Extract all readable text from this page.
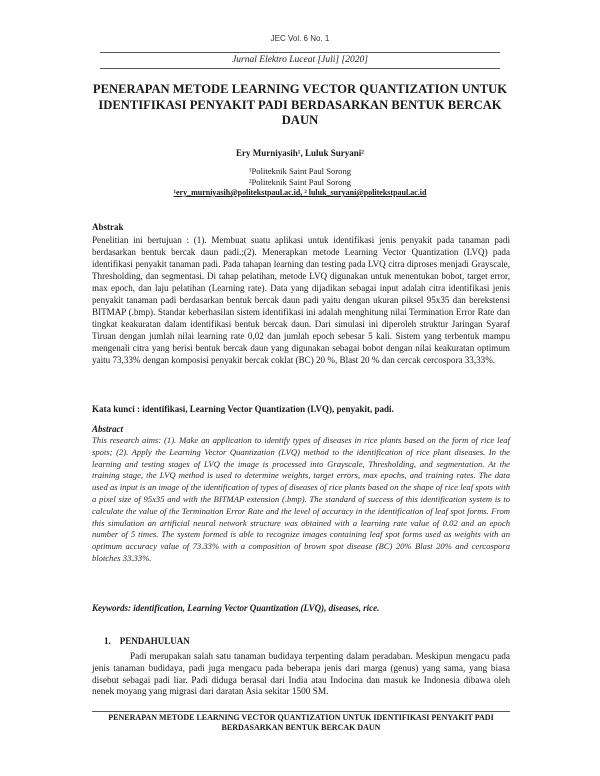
JEC Vol. 6 No. 1
Jurnal Elektro Luceat [Juli] [2020]
PENERAPAN METODE LEARNING VECTOR QUANTIZATION UNTUK IDENTIFIKASI PENYAKIT PADI BERDASARKAN BENTUK BERCAK DAUN
Ery Murniyasih¹, Luluk Suryani²
¹Politeknik Saint Paul Sorong
²Politeknik Saint Paul Sorong
¹ery_murniyasih@politekstpaul.ac.id, ² luluk_suryani@politekstpaul.ac.id
Abstrak
Penelitian ini bertujuan : (1). Membuat suatu aplikasi untuk identifikasi jenis penyakit pada tanaman padi berdasarkan bentuk bercak daun padi.;(2). Menerapkan metode Learning Vector Quantization (LVQ) pada identifikasi penyakit tanaman padi. Pada tahapan learning dan testing pada LVQ citra diproses menjadi Grayscale, Thresholding, dan segmentasi. Di tahap pelatihan, metode LVQ digunakan untuk menentukan bobot, target error, max epoch, dan laju pelatihan (Learning rate). Data yang dijadikan sebagai input adalah citra identifikasi jenis penyakit tanaman padi berdasarkan bentuk bercak daun padi yaitu dengan ukuran piksel 95x35 dan berekstensi BITMAP (.bmp). Standar keberhasilan sistem identifikasi ini adalah menghitung nilai Termination Error Rate dan tingkat keakuratan dalam identifikasi bentuk bercak daun. Dari simulasi ini diperoleh struktur Jaringan Syaraf Tiruan dengan jumlah nilai learning rate 0,02 dan jumlah epoch sebesar 5 kali. Sistem yang terbentuk mampu mengenali citra yang berisi bentuk bercak daun yang digunakan sebagai bobot dengan nilai keakuratan optimum yaitu 73,33% dengan komposisi penyakit bercak coklat (BC) 20 %, Blast 20 % dan cercak cercospora 33,33%.
Kata kunci : identifikasi, Learning Vector Quantization (LVQ), penyakit, padi.
Abstract
This research aims: (1). Make an application to identify types of diseases in rice plants based on the form of rice leaf spots; (2). Apply the Learning Vector Quantization (LVQ) method to the identification of rice plant diseases. In the learning and testing stages of LVQ the image is processed into Grayscale, Thresholding, and segmentation. At the training stage, the LVQ method is used to determine weights, target errors, max epochs, and training rates. The data used as input is an image of the identification of types of diseases of rice plants based on the shape of rice leaf spots with a pixel size of 95x35 and with the BITMAP extension (.bmp). The standard of success of this identification system is to calculate the value of the Termination Error Rate and the level of accuracy in the identification of leaf spot forms. From this simulation an artificial neural network structure was obtained with a learning rate value of 0.02 and an epoch number of 5 times. The system formed is able to recognize images containing leaf spot forms used as weights with an optimum accuracy value of 73.33% with a composition of brown spot disease (BC) 20% Blast 20% and cercospora blotches 33.33%.
Keywords: identification, Learning Vector Quantization (LVQ), diseases, rice.
1.    PENDAHULUAN
Padi merupakan salah satu tanaman budidaya terpenting dalam peradaban. Meskipun mengacu pada jenis tanaman budidaya, padi juga mengacu pada beberapa jenis dari marga (genus) yang sama, yang biasa disebut sebagai padi liar. Padi diduga berasal dari India atau Indocina dan masuk ke Indonesia dibawa oleh nenek moyang yang migrasi dari daratan Asia sekitar 1500 SM.
PENERAPAN METODE LEARNING VECTOR QUANTIZATION UNTUK IDENTIFIKASI PENYAKIT PADI BERDASARKAN BENTUK BERCAK DAUN
